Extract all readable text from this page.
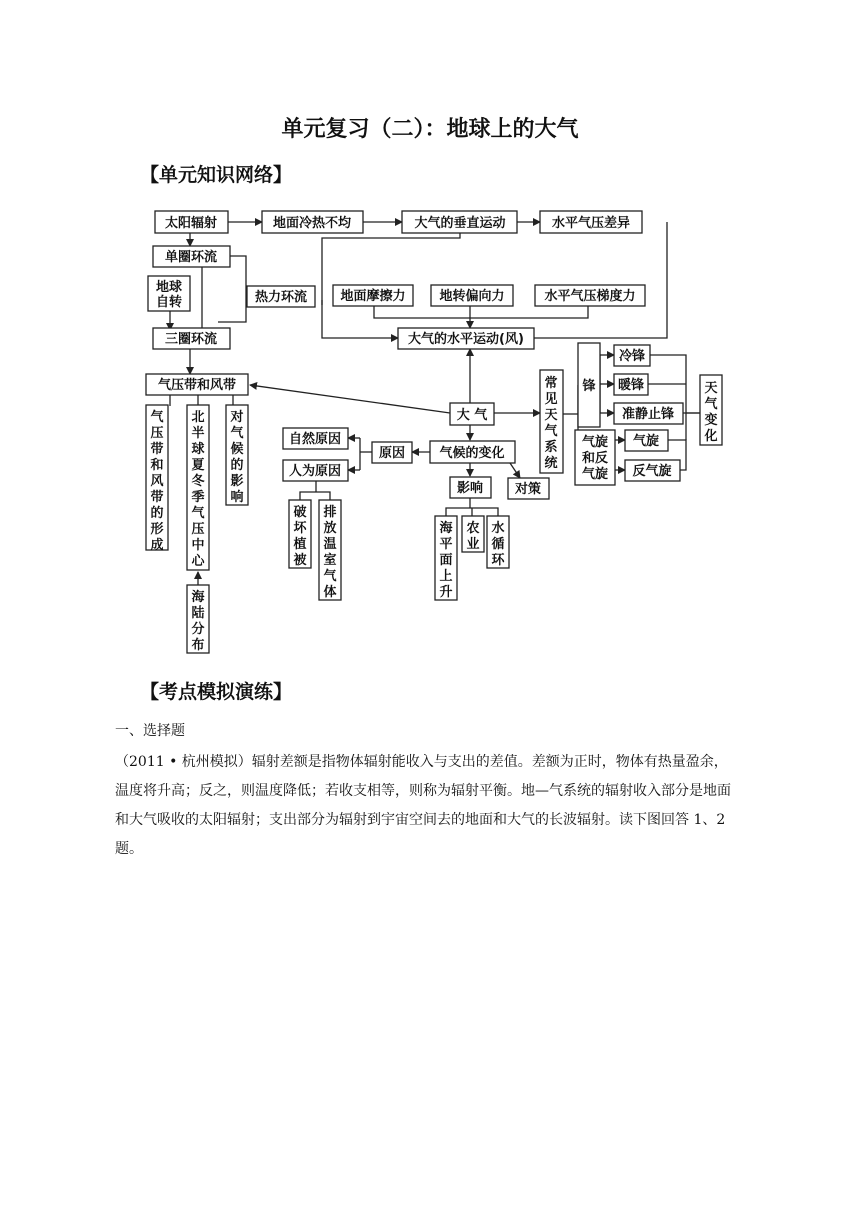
单元复习（二）：地球上的大气
【单元知识网络】
太阳辐射	地面冷热不均	大气的垂直运动	水平气压差异
单圈环流
地球
自转
三圈环流
热力环流	地面摩擦力	地转偏向力	水平气压梯度力
大气的水平运动(风)
气压带和风带
气
压
带
和
风
带
的
形
成
北
半
球
夏
冬
季
气
压
中
心
对
气
候
的
影
响
海
陆
分
布
大 气
常
见
天
气
系
统
锋
冷锋
暖锋
准静止锋
气旋
和反
气旋
气旋
反气旋
天
气
变
化
气候的变化
原因
自然原因
人为原因
影响 对策
破
坏
植
被
排
放
温
室
气
体
海
平
面
上
升
农
业
水
循
环
【考点模拟演练】
一、选择题
（2011 • 杭州模拟）辐射差额是指物体辐射能收入与支出的差值。差额为正时，物体有热量盈余，温度将升高；反之，则温度降低；若收支相等，则称为辐射平衡。地—气系统的辐射收入部分是地面和大气吸收的太阳辐射；支出部分为辐射到宇宙空间去的地面和大气的长波辐射。读下图回答 1、2 题。
